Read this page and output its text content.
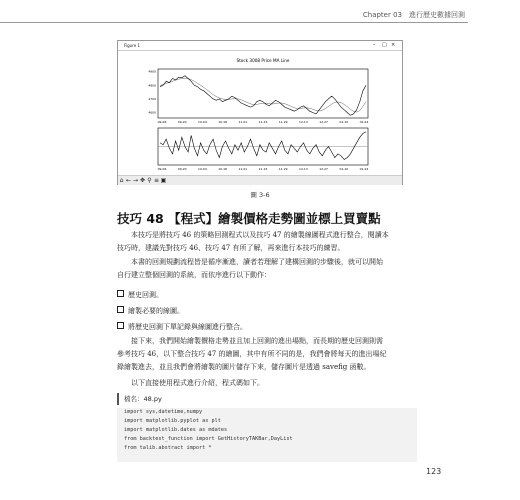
Chapter 03　進行歷史數據回測
Figure 1	– □ ×
Stock 3008 Price MA Line
09-06	09-20	10-04	10-18	11-01	11-15	11-29	12-13	12-27	01-10	01-24
4600
4700
4800
4900
09-06	09-20	10-04	10-18	11-01	11-15	11-29	12-13	12-27	01-10	01-24
⌂ ← → ✥ ⚲ ≡ ▣
圖 3-6
技巧 48 【程式】繪製價格走勢圖並標上買賣點
本技巧是將技巧 46 的策略回測程式以及技巧 47 的繪製線圖程式進行整合，閱讀本
技巧時，建議先對技巧 46、技巧 47 有所了解，再來進行本技巧的練習。
本書的回測規劃流程皆是循序漸進，讀者若理解了建構回測的步驟後，就可以開始
自行建立整個回測的系統，而依序進行以下動作：
歷史回測。
繪製必要的線圖。
將歷史回測下單記錄與線圖進行整合。
接下來，我們開始繪製價格走勢並且加上回測的進出場點，而長期的歷史回測則需
參考技巧 46，以下整合技巧 47 的繪圖，其中有所不同的是，我們會將每天的進出場紀
錄繪製進去，並且我們會將繪製的圖片儲存下來，儲存圖片是透過 savefig 函數。
以下直接使用程式進行介紹，程式碼如下。
檔名：48.py
import sys,datetime,numpy
import matplotlib.pyplot as plt
import matplotlib.dates as mdates
from backtest_function import GetHistoryTAKBar,DayList
from talib.abstract import *
123
